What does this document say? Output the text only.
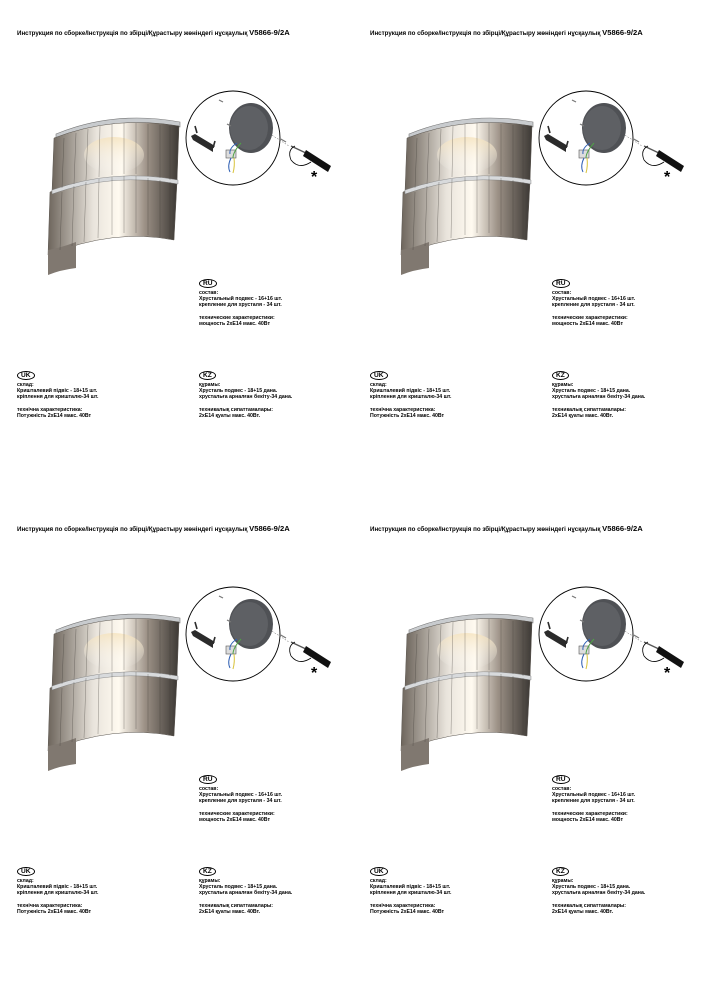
Инструкция по сборке/Інструкція по збірці/Құрастыру жөніндегі нұсқаулық V5866-9/2A
*
RU
состав:
Хрустальный подвес - 16+16 шт.
крепление для хрусталя - 34 шт.
технические характеристики:
мощность 2хЕ14 макс. 40Вт
UK
склад:
Кришталевий підвіс - 18+15 шт.
кріплення для кришталю-34 шт.
технічна характеристика:
Потужність 2хЕ14 макс. 40Вт
KZ
құрамы:
Хрусталь подвес - 18+15 дана.
хрустальға арналған бекіту-34 дана.
техникалық сипаттамалары:
2хЕ14 қуаты макс. 40Вт.
Инструкция по сборке/Інструкція по збірці/Құрастыру жөніндегі нұсқаулық V5866-9/2A
*
RU
состав:
Хрустальный подвес - 16+16 шт.
крепление для хрусталя - 34 шт.
технические характеристики:
мощность 2хЕ14 макс. 40Вт
UK
склад:
Кришталевий підвіс - 18+15 шт.
кріплення для кришталю-34 шт.
технічна характеристика:
Потужність 2хЕ14 макс. 40Вт
KZ
құрамы:
Хрусталь подвес - 18+15 дана.
хрустальға арналған бекіту-34 дана.
техникалық сипаттамалары:
2хЕ14 қуаты макс. 40Вт.
Инструкция по сборке/Інструкція по збірці/Құрастыру жөніндегі нұсқаулық V5866-9/2A
*
RU
состав:
Хрустальный подвес - 16+16 шт.
крепление для хрусталя - 34 шт.
технические характеристики:
мощность 2хЕ14 макс. 40Вт
UK
склад:
Кришталевий підвіс - 18+15 шт.
кріплення для кришталю-34 шт.
технічна характеристика:
Потужність 2хЕ14 макс. 40Вт
KZ
құрамы:
Хрусталь подвес - 18+15 дана.
хрустальға арналған бекіту-34 дана.
техникалық сипаттамалары:
2хЕ14 қуаты макс. 40Вт.
Инструкция по сборке/Інструкція по збірці/Құрастыру жөніндегі нұсқаулық V5866-9/2A
*
RU
состав:
Хрустальный подвес - 16+16 шт.
крепление для хрусталя - 34 шт.
технические характеристики:
мощность 2хЕ14 макс. 40Вт
UK
склад:
Кришталевий підвіс - 18+15 шт.
кріплення для кришталю-34 шт.
технічна характеристика:
Потужність 2хЕ14 макс. 40Вт
KZ
құрамы:
Хрусталь подвес - 18+15 дана.
хрустальға арналған бекіту-34 дана.
техникалық сипаттамалары:
2хЕ14 қуаты макс. 40Вт.
